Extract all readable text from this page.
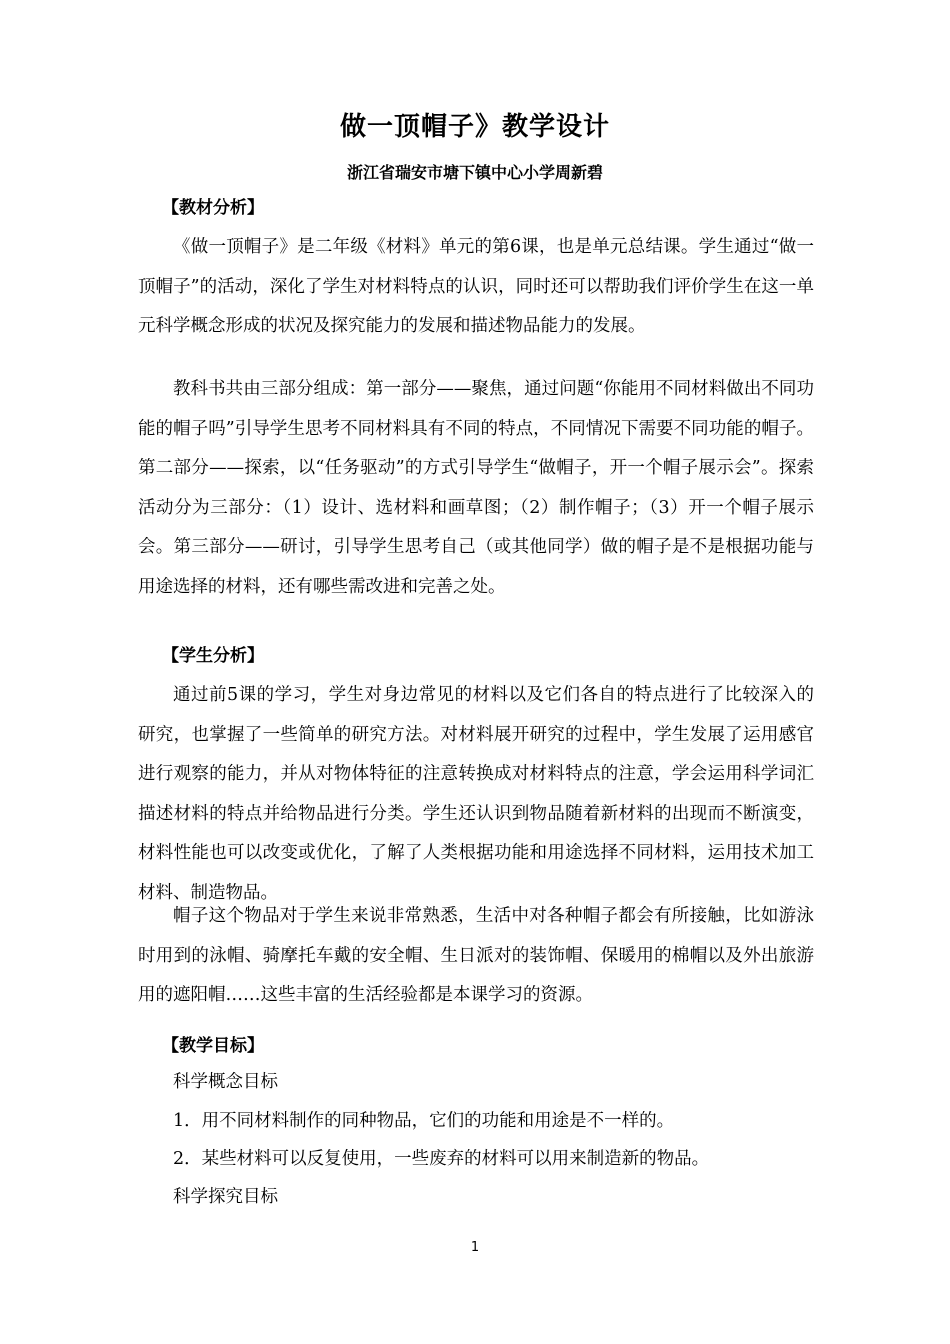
做一顶帽子》教学设计
浙江省瑞安市塘下镇中心小学周新碧
【教材分析】

《做一顶帽子》是二年级《材料》单元的第6课，也是单元总结课。学生通过“做一顶帽子”的活动，深化了学生对材料特点的认识，同时还可以帮助我们评价学生在这一单元科学概念形成的状况及探究能力的发展和描述物品能力的发展。

教科书共由三部分组成：第一部分——聚焦，通过问题“你能用不同材料做出不同功能的帽子吗”引导学生思考不同材料具有不同的特点，不同情况下需要不同功能的帽子。第二部分——探索，以“任务驱动”的方式引导学生“做帽子，开一个帽子展示会”。探索活动分为三部分：（1）设计、选材料和画草图；（2）制作帽子；（3）开一个帽子展示会。第三部分——研讨，引导学生思考自己（或其他同学）做的帽子是不是根据功能与用途选择的材料，还有哪些需改进和完善之处。

【学生分析】

通过前5课的学习，学生对身边常见的材料以及它们各自的特点进行了比较深入的研究，也掌握了一些简单的研究方法。对材料展开研究的过程中，学生发展了运用感官进行观察的能力，并从对物体特征的注意转换成对材料特点的注意，学会运用科学词汇描述材料的特点并给物品进行分类。学生还认识到物品随着新材料的出现而不断演变，材料性能也可以改变或优化，了解了人类根据功能和用途选择不同材料，运用技术加工材料、制造物品。

帽子这个物品对于学生来说非常熟悉，生活中对各种帽子都会有所接触，比如游泳时用到的泳帽、骑摩托车戴的安全帽、生日派对的装饰帽、保暖用的棉帽以及外出旅游用的遮阳帽……这些丰富的生活经验都是本课学习的资源。

【教学目标】
科学概念目标
1．用不同材料制作的同种物品，它们的功能和用途是不一样的。
2．某些材料可以反复使用，一些废弃的材料可以用来制造新的物品。
科学探究目标
1
